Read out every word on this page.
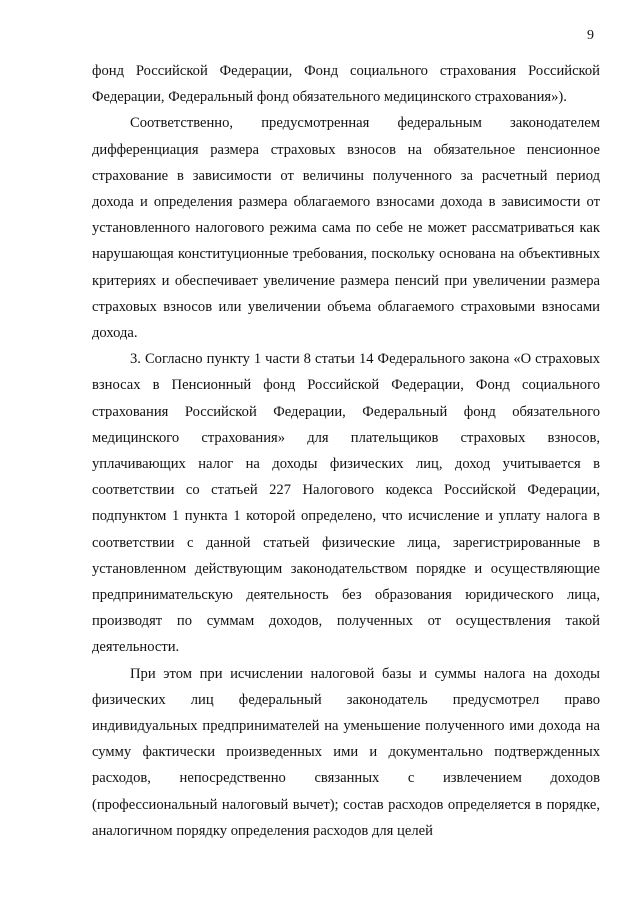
9

фонд Российской Федерации, Фонд социального страхования Российской Федерации, Федеральный фонд обязательного медицинского страхования»).

Соответственно, предусмотренная федеральным законодателем дифференциация размера страховых взносов на обязательное пенсионное страхование в зависимости от величины полученного за расчетный период дохода и определения размера облагаемого взносами дохода в зависимости от установленного налогового режима сама по себе не может рассматриваться как нарушающая конституционные требования, поскольку основана на объективных критериях и обеспечивает увеличение размера пенсий при увеличении размера страховых взносов или увеличении объема облагаемого страховыми взносами дохода.

3. Согласно пункту 1 части 8 статьи 14 Федерального закона «О страховых взносах в Пенсионный фонд Российской Федерации, Фонд социального страхования Российской Федерации, Федеральный фонд обязательного медицинского страхования» для плательщиков страховых взносов, уплачивающих налог на доходы физических лиц, доход учитывается в соответствии со статьей 227 Налогового кодекса Российской Федерации, подпунктом 1 пункта 1 которой определено, что исчисление и уплату налога в соответствии с данной статьей физические лица, зарегистрированные в установленном действующим законодательством порядке и осуществляющие предпринимательскую деятельность без образования юридического лица, производят по суммам доходов, полученных от осуществления такой деятельности.

При этом при исчислении налоговой базы и суммы налога на доходы физических лиц федеральный законодатель предусмотрел право индивидуальных предпринимателей на уменьшение полученного ими дохода на сумму фактически произведенных ими и документально подтвержденных расходов, непосредственно связанных с извлечением доходов (профессиональный налоговый вычет); состав расходов определяется в порядке, аналогичном порядку определения расходов для целей
